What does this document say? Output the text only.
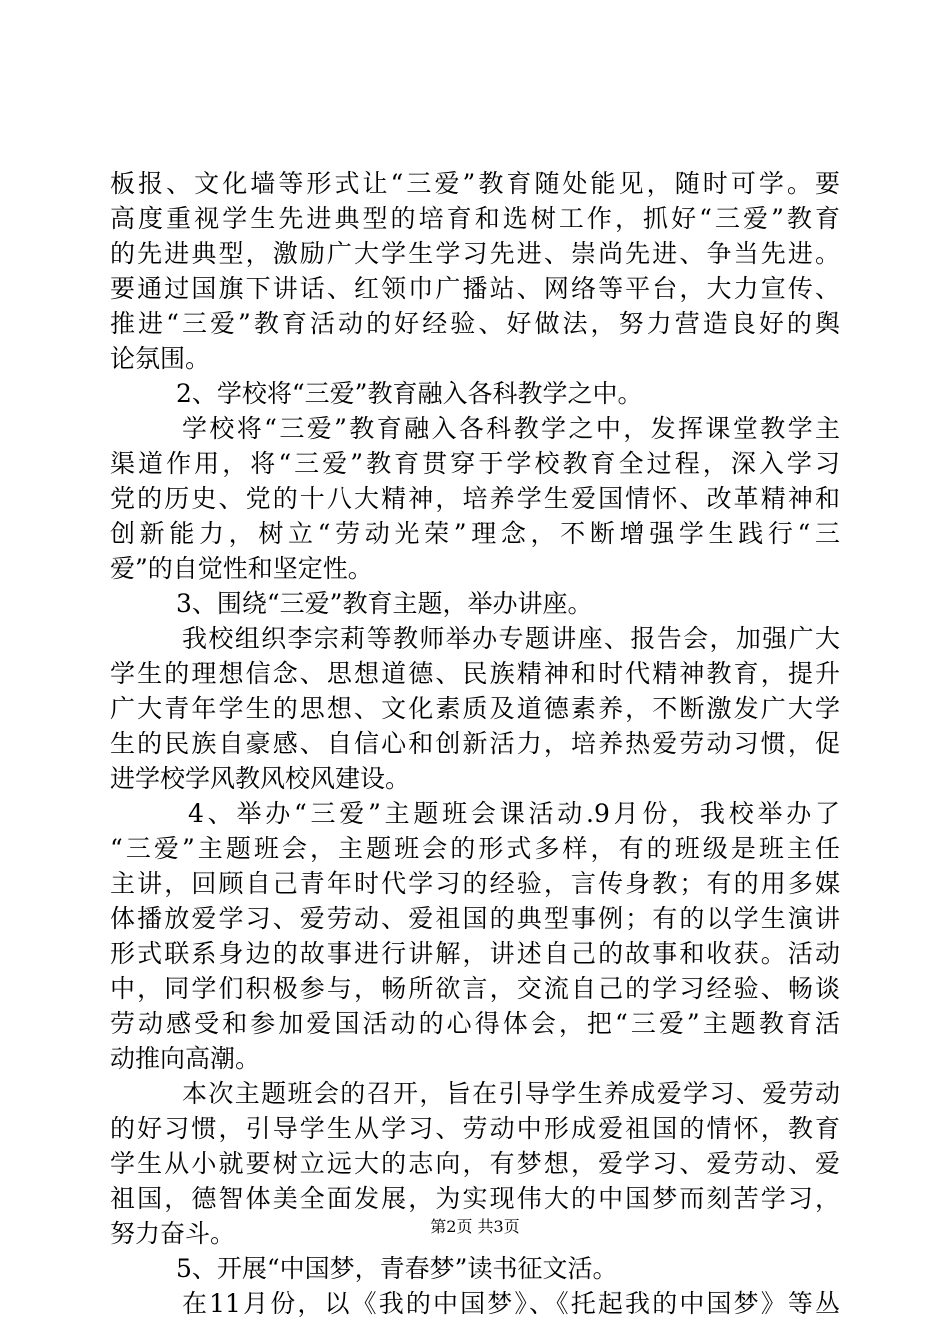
板报、文化墙等形式让“三爱”教育随处能见，随时可学。要
高度重视学生先进典型的培育和选树工作，抓好“三爱”教育
的先进典型，激励广大学生学习先进、崇尚先进、争当先进。
要通过国旗下讲话、红领巾广播站、网络等平台，大力宣传、
推进“三爱”教育活动的好经验、好做法，努力营造良好的舆
论氛围。
2、学校将“三爱”教育融入各科教学之中。
学校将“三爱”教育融入各科教学之中，发挥课堂教学主
渠道作用，将“三爱”教育贯穿于学校教育全过程，深入学习
党的历史、党的十八大精神，培养学生爱国情怀、改革精神和
创新能力，树立“劳动光荣”理念，不断增强学生践行“三
爱”的自觉性和坚定性。
3、围绕“三爱”教育主题，举办讲座。
我校组织李宗莉等教师举办专题讲座、报告会，加强广大
学生的理想信念、思想道德、民族精神和时代精神教育，提升
广大青年学生的思想、文化素质及道德素养，不断激发广大学
生的民族自豪感、自信心和创新活力，培养热爱劳动习惯，促
进学校学风教风校风建设。
4、举办“三爱”主题班会课活动.9月份，我校举办了
“三爱”主题班会，主题班会的形式多样，有的班级是班主任
主讲，回顾自己青年时代学习的经验，言传身教；有的用多媒
体播放爱学习、爱劳动、爱祖国的典型事例；有的以学生演讲
形式联系身边的故事进行讲解，讲述自己的故事和收获。活动
中，同学们积极参与，畅所欲言，交流自己的学习经验、畅谈
劳动感受和参加爱国活动的心得体会，把“三爱”主题教育活
动推向高潮。
本次主题班会的召开，旨在引导学生养成爱学习、爱劳动
的好习惯，引导学生从学习、劳动中形成爱祖国的情怀，教育
学生从小就要树立远大的志向，有梦想，爱学习、爱劳动、爱
祖国，德智体美全面发展，为实现伟大的中国梦而刻苦学习，
努力奋斗。
5、开展“中国梦，青春梦”读书征文活。
在11月份，以《我的中国梦》、《托起我的中国梦》等丛
第2页 共3页
